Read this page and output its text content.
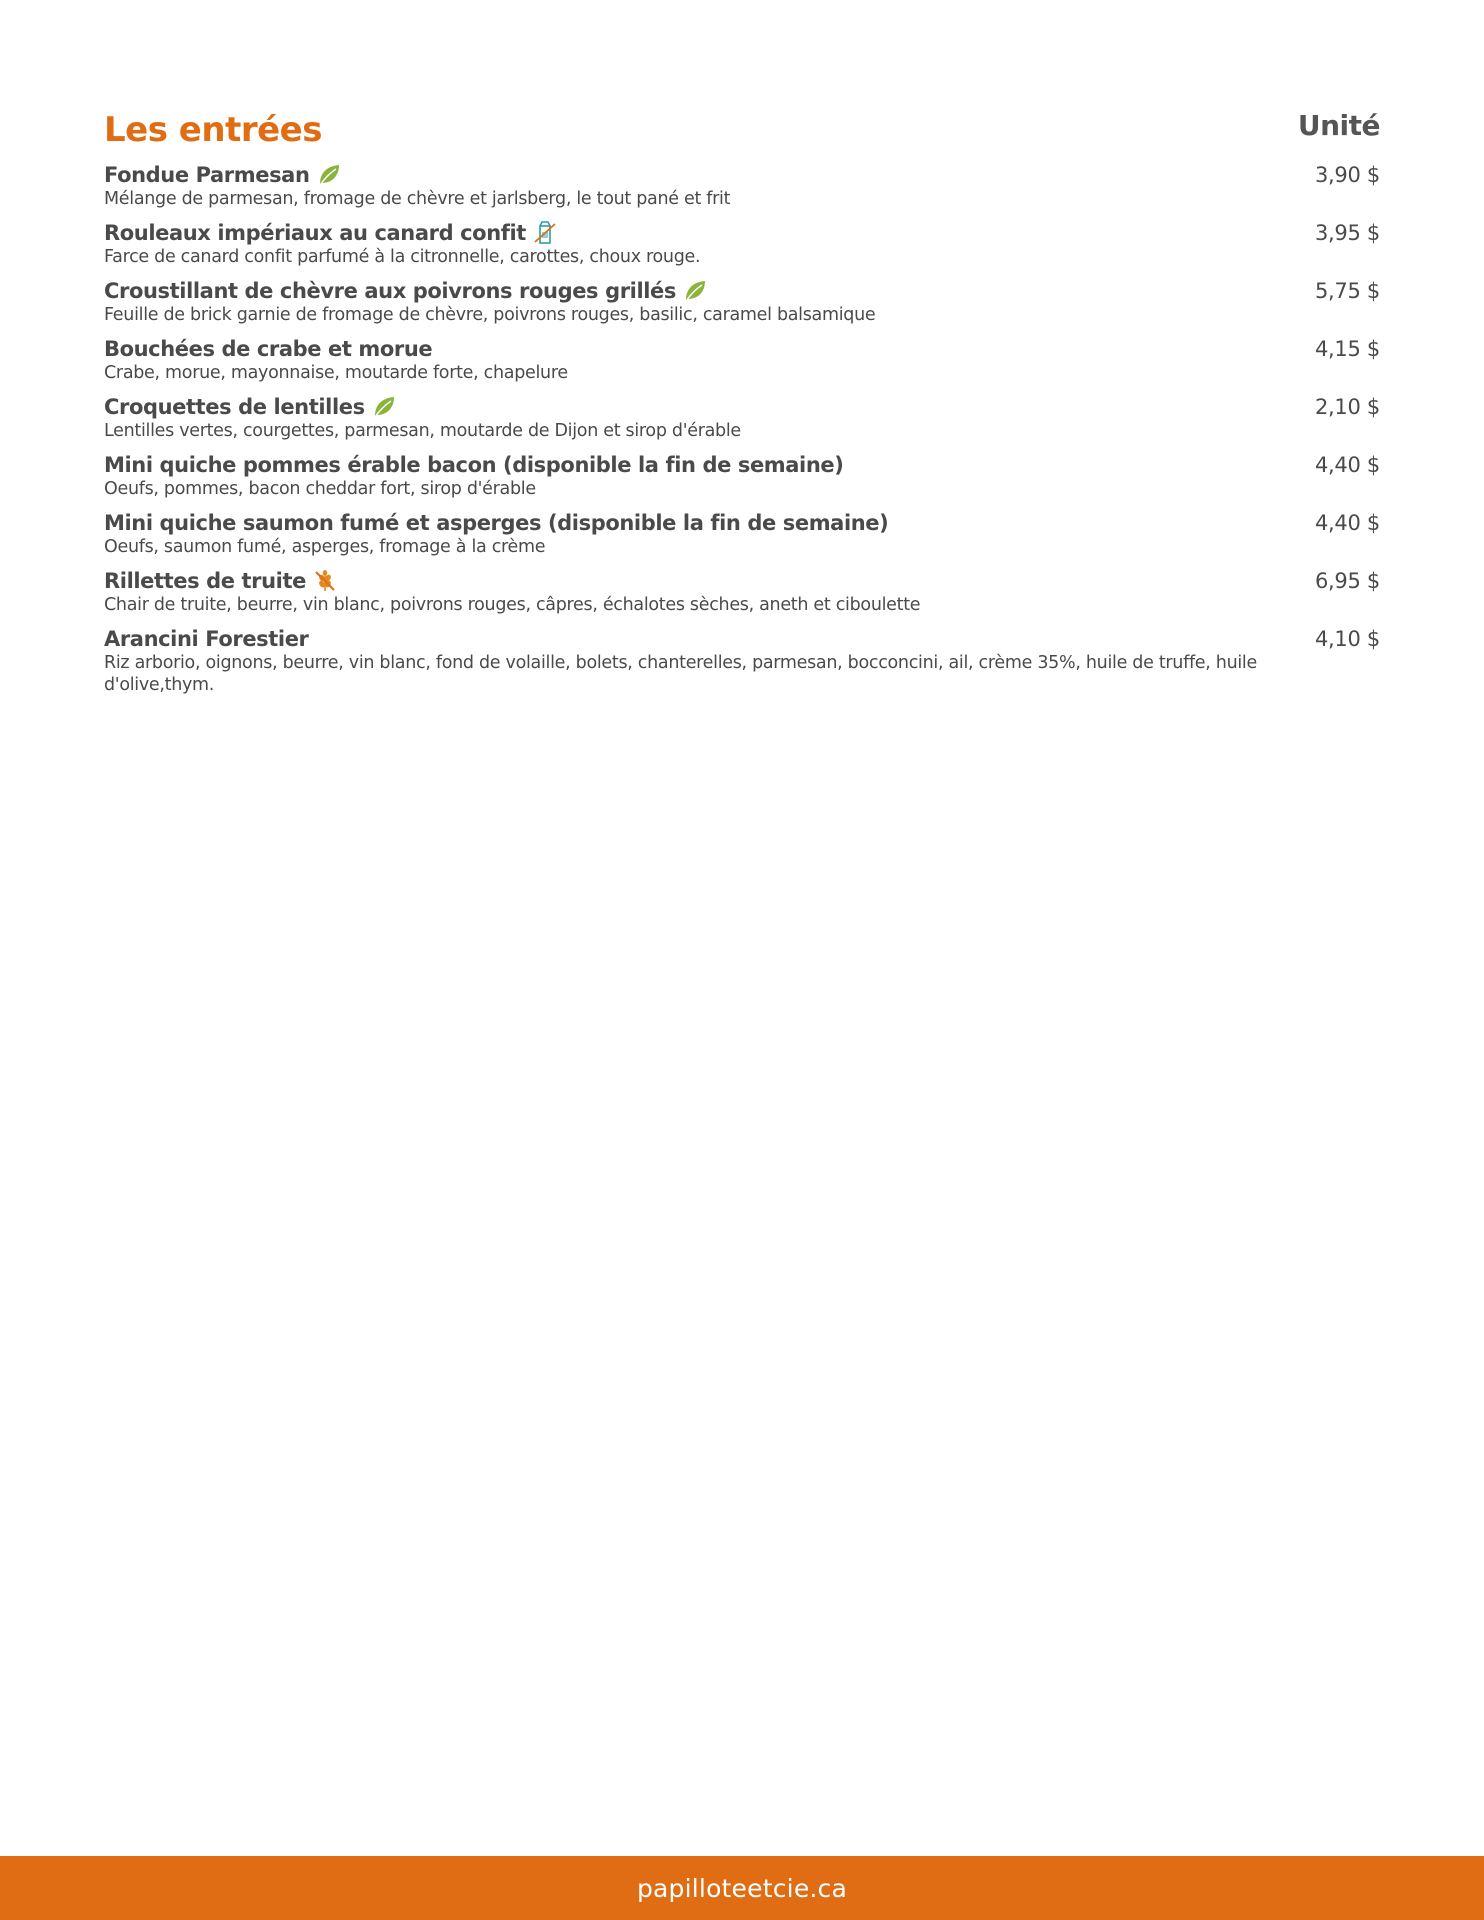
Les entrées	Unité
Fondue Parmesan
Mélange de parmesan, fromage de chèvre et jarlsberg, le tout pané et frit
3,90 $
Rouleaux impériaux au canard confit
Farce de canard confit parfumé à la citronnelle, carottes, choux rouge.
3,95 $
Croustillant de chèvre aux poivrons rouges grillés
Feuille de brick garnie de fromage de chèvre, poivrons rouges, basilic, caramel balsamique
5,75 $
Bouchées de crabe et morue
Crabe, morue, mayonnaise, moutarde forte, chapelure
4,15 $
Croquettes de lentilles
Lentilles vertes, courgettes, parmesan, moutarde de Dijon et sirop d'érable
2,10 $
Mini quiche pommes érable bacon (disponible la fin de semaine)
Oeufs, pommes, bacon cheddar fort, sirop d'érable
4,40 $
Mini quiche saumon fumé et asperges (disponible la fin de semaine)
Oeufs, saumon fumé, asperges, fromage à la crème
4,40 $
Rillettes de truite
Chair de truite, beurre, vin blanc, poivrons rouges, câpres, échalotes sèches, aneth et ciboulette
6,95 $
Arancini Forestier
Riz arborio, oignons, beurre, vin blanc, fond de volaille, bolets, chanterelles, parmesan, bocconcini, ail, crème 35%, huile de truffe, huile d'olive,thym.
4,10 $
papilloteetcie.ca
